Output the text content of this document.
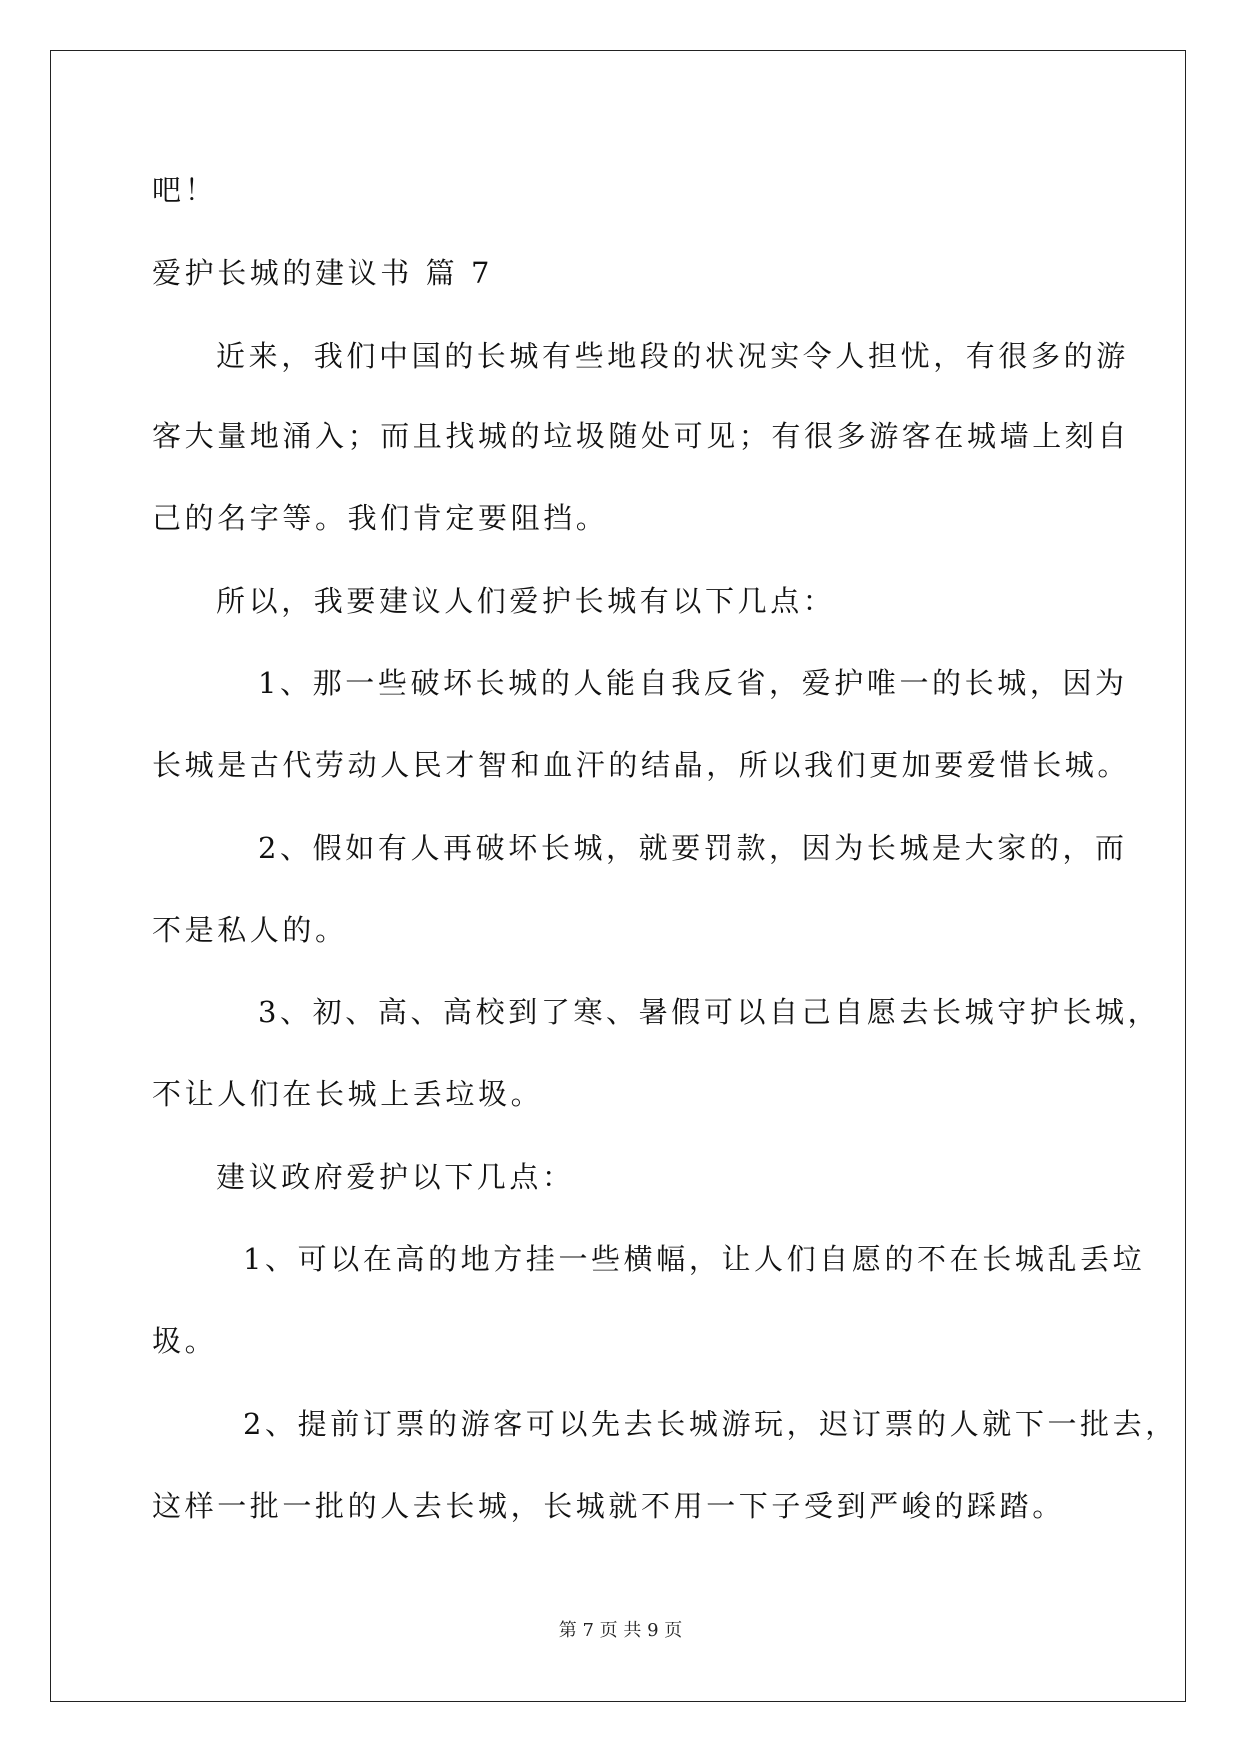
吧！
爱护长城的建议书 篇 7
近来，我们中国的长城有些地段的状况实令人担忧，有很多的游
客大量地涌入；而且找城的垃圾随处可见；有很多游客在城墙上刻自
己的名字等。我们肯定要阻挡。
所以，我要建议人们爱护长城有以下几点：
1、那一些破坏长城的人能自我反省，爱护唯一的长城，因为
长城是古代劳动人民才智和血汗的结晶，所以我们更加要爱惜长城。
2、假如有人再破坏长城，就要罚款，因为长城是大家的，而
不是私人的。
3、初、高、高校到了寒、暑假可以自己自愿去长城守护长城，
不让人们在长城上丢垃圾。
建议政府爱护以下几点：
1、可以在高的地方挂一些横幅，让人们自愿的不在长城乱丢垃
圾。
2、提前订票的游客可以先去长城游玩，迟订票的人就下一批去，
这样一批一批的人去长城，长城就不用一下子受到严峻的踩踏。
第 7 页 共 9 页
